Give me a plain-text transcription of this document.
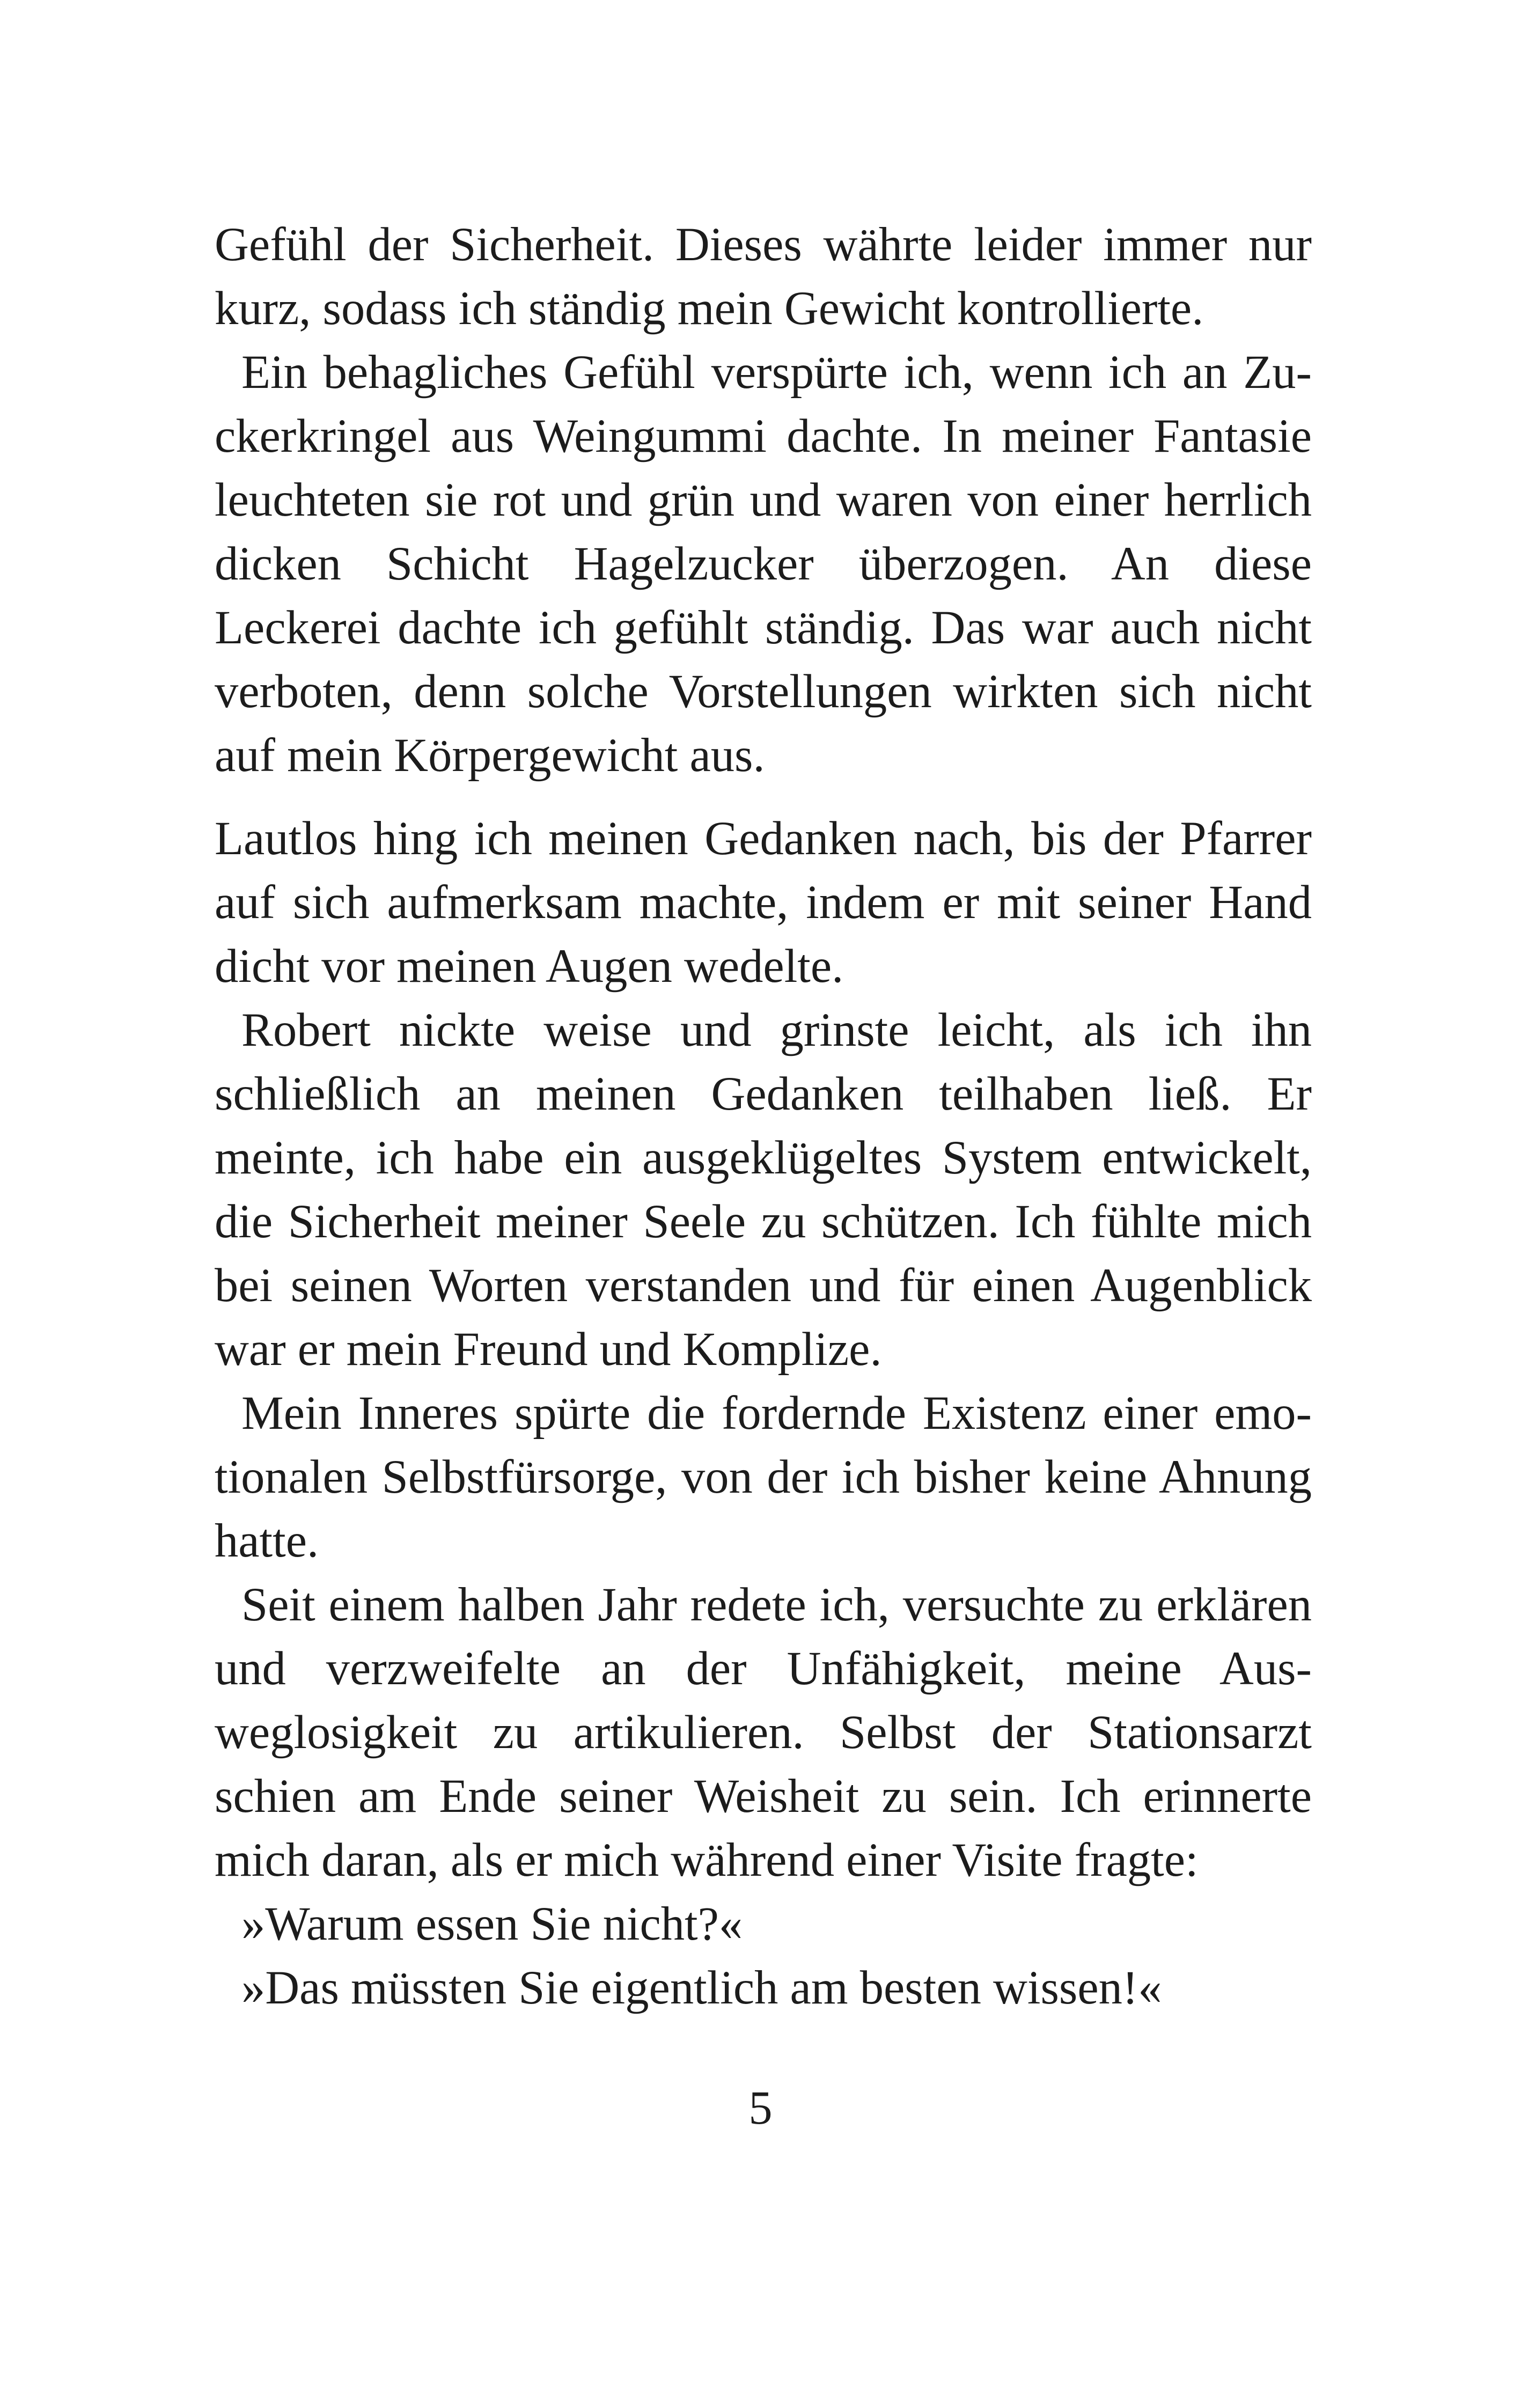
Gefühl der Sicherheit. Dieses währte leider immer nur kurz, sodass ich ständig mein Gewicht kontrollierte.

Ein behagliches Gefühl verspürte ich, wenn ich an Zuckerkringel aus Weingummi dachte. In meiner Fantasie leuchteten sie rot und grün und waren von einer herrlich dicken Schicht Hagelzucker überzogen. An diese Leckerei dachte ich gefühlt ständig. Das war auch nicht verboten, denn solche Vorstellungen wirkten sich nicht auf mein Körpergewicht aus.

Lautlos hing ich meinen Gedanken nach, bis der Pfarrer auf sich aufmerksam machte, indem er mit seiner Hand dicht vor meinen Augen wedelte.

Robert nickte weise und grinste leicht, als ich ihn schließlich an meinen Gedanken teilhaben ließ. Er meinte, ich habe ein ausgeklügeltes System entwickelt, die Sicherheit meiner Seele zu schützen. Ich fühlte mich bei seinen Worten verstanden und für einen Augenblick war er mein Freund und Komplize.

Mein Inneres spürte die fordernde Existenz einer emotionalen Selbstfürsorge, von der ich bisher keine Ahnung hatte.

Seit einem halben Jahr redete ich, versuchte zu erklären und verzweifelte an der Unfähigkeit, meine Ausweglosigkeit zu artikulieren. Selbst der Stationsarzt schien am Ende seiner Weisheit zu sein. Ich erinnerte mich daran, als er mich während einer Visite fragte:

»Warum essen Sie nicht?«

»Das müssten Sie eigentlich am besten wissen!«

5
